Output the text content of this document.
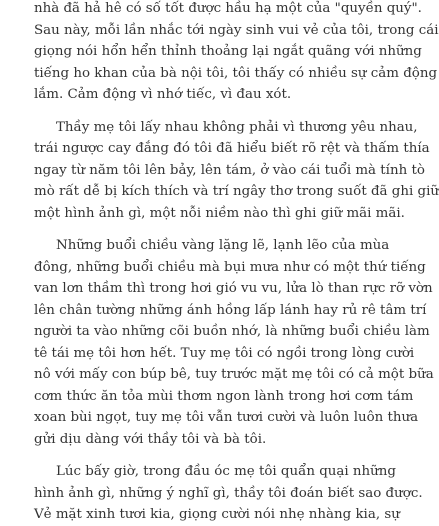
nhà đã hả hê có số tốt được hầu hạ một của "quyền quý".
Sau này, mỗi lần nhắc tới ngày sinh vui vẻ của tôi, trong cái
giọng nói hổn hển thỉnh thoảng lại ngắt quãng với những
tiếng ho khan của bà nội tôi, tôi thấy có nhiều sự cảm động
lắm. Cảm động vì nhớ tiếc, vì đau xót.

Thầy mẹ tôi lấy nhau không phải vì thương yêu nhau,
trái ngược cay đắng đó tôi đã hiểu biết rõ rệt và thấm thía
ngay từ năm tôi lên bảy, lên tám, ở vào cái tuổi mà tính tò
mò rất dễ bị kích thích và trí ngây thơ trong suốt đã ghi giữ
một hình ảnh gì, một nỗi niềm nào thì ghi giữ mãi mãi.

Những buổi chiều vàng lặng lẽ, lạnh lẽo của mùa
đông, những buổi chiều mà bụi mưa như có một thứ tiếng
van lơn thầm thì trong hơi gió vu vu, lửa lò than rực rỡ vờn
lên chân tường những ánh hồng lấp lánh hay rủ rê tâm trí
người ta vào những cõi buồn nhớ, là những buổi chiều làm
tê tái mẹ tôi hơn hết. Tuy mẹ tôi có ngồi trong lòng cười
nô với mấy con búp bê, tuy trước mặt mẹ tôi có cả một bữa
cơm thức ăn tỏa mùi thơm ngon lành trong hơi cơm tám
xoan bùi ngọt, tuy mẹ tôi vẫn tươi cười và luôn luôn thưa
gửi dịu dàng với thầy tôi và bà tôi.

Lúc bấy giờ, trong đầu óc mẹ tôi quẩn quại những
hình ảnh gì, những ý nghĩ gì, thầy tôi đoán biết sao được.
Vẻ mặt xinh tươi kia, giọng cười nói nhẹ nhàng kia, sự
